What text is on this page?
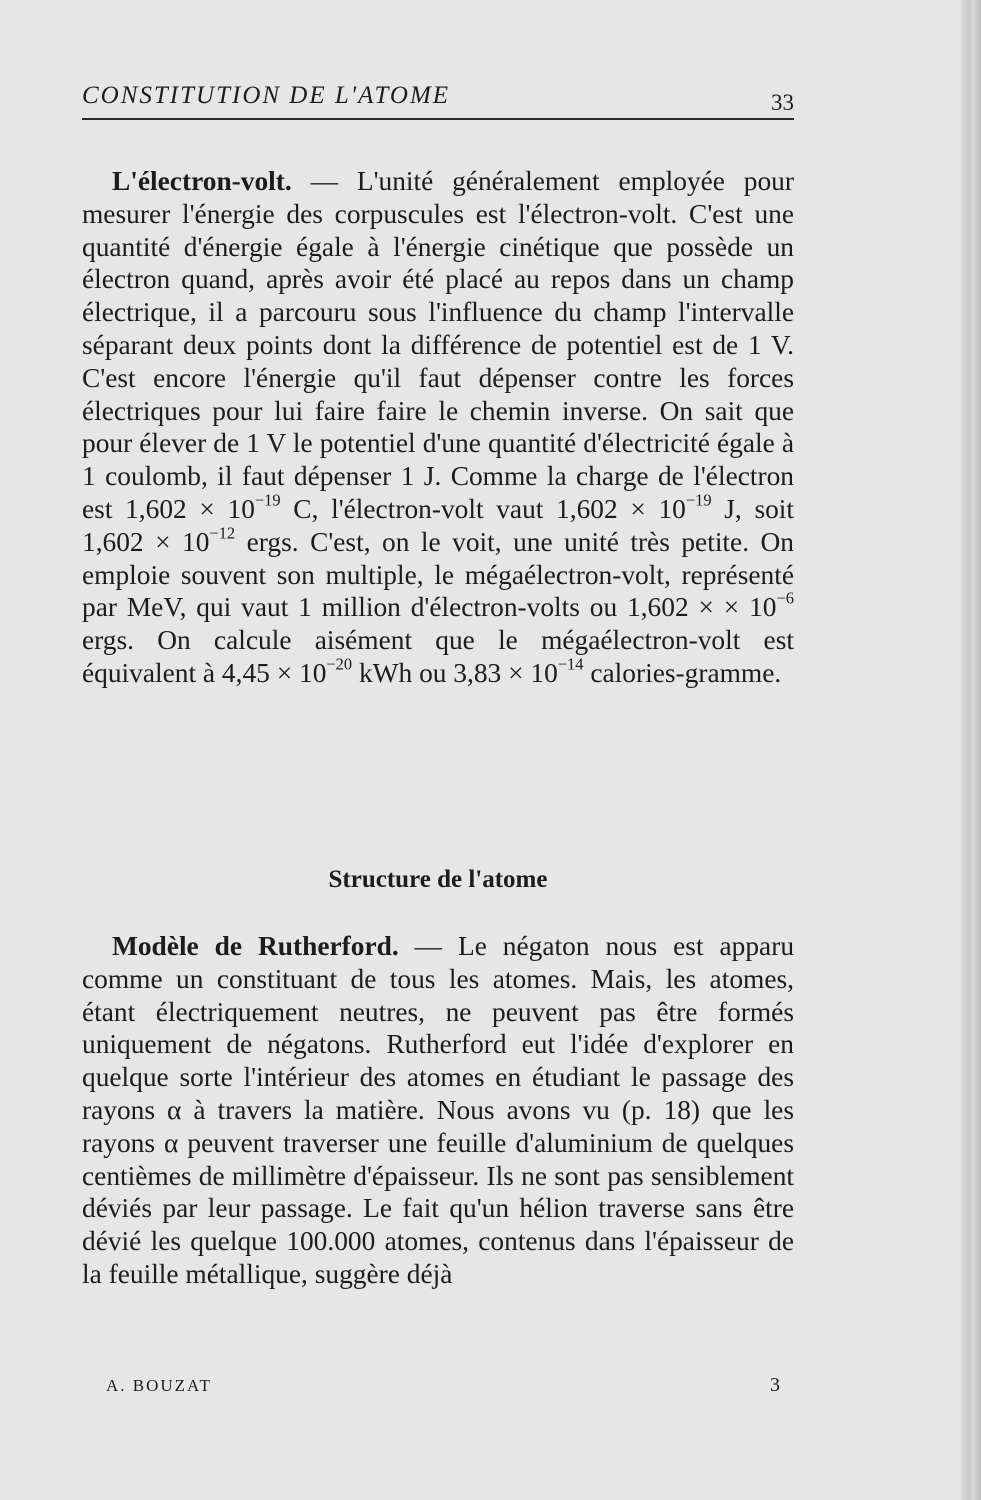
CONSTITUTION DE L'ATOME	33
L'électron-volt. — L'unité généralement employée pour mesurer l'énergie des corpuscules est l'électron-volt. C'est une quantité d'énergie égale à l'énergie cinétique que possède un électron quand, après avoir été placé au repos dans un champ électrique, il a parcouru sous l'influence du champ l'intervalle séparant deux points dont la différence de potentiel est de 1 V. C'est encore l'énergie qu'il faut dépenser contre les forces électriques pour lui faire faire le chemin inverse. On sait que pour élever de 1 V le potentiel d'une quantité d'électricité égale à 1 coulomb, il faut dépenser 1 J. Comme la charge de l'électron est $1,602 \times 10^{-19}$ C, l'électron-volt vaut $1,602 \times 10^{-19}$ J, soit $1,602 \times 10^{-12}$ ergs. C'est, on le voit, une unité très petite. On emploie souvent son multiple, le mégaélectron-volt, représenté par MeV, qui vaut 1 million d'électron-volts ou 1,602 × × $10^{-6}$ ergs. On calcule aisément que le mégaélectron-volt est équivalent à $4,45 \times 10^{-20}$ kWh ou $3,83 \times 10^{-14}$ calories-gramme.
Structure de l'atome
Modèle de Rutherford. — Le négaton nous est apparu comme un constituant de tous les atomes. Mais, les atomes, étant électriquement neutres, ne peuvent pas être formés uniquement de négatons. Rutherford eut l'idée d'explorer en quelque sorte l'intérieur des atomes en étudiant le passage des rayons α à travers la matière. Nous avons vu (p. 18) que les rayons α peuvent traverser une feuille d'aluminium de quelques centièmes de millimètre d'épaisseur. Ils ne sont pas sensiblement déviés par leur passage. Le fait qu'un hélion traverse sans être dévié les quelque 100.000 atomes, contenus dans l'épaisseur de la feuille métallique, suggère déjà
A. BOUZAT	3
